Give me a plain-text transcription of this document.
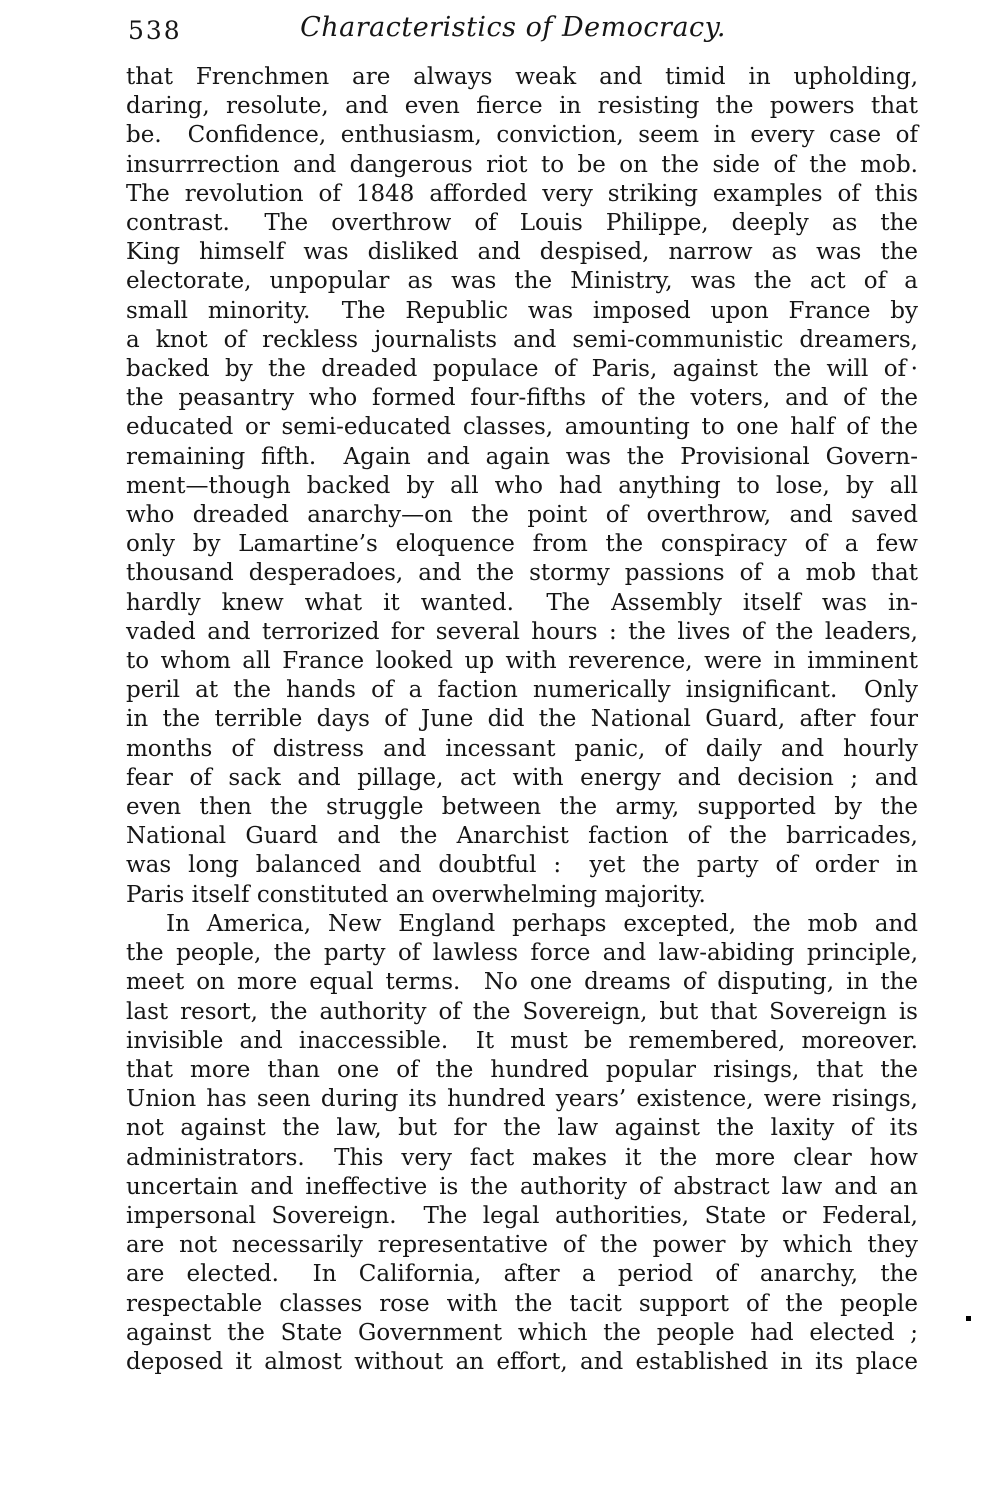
538	Characteristics of Democracy.
that Frenchmen are always weak and timid in upholding,
daring, resolute, and even fierce in resisting the powers that
be.  Confidence, enthusiasm, conviction, seem in every case of
insurrrection and dangerous riot to be on the side of the mob.
The revolution of 1848 afforded very striking examples of this
contrast.  The overthrow of Louis Philippe, deeply as the
King himself was disliked and despised, narrow as was the
electorate, unpopular as was the Ministry, was the act of a
small minority.  The Republic was imposed upon France by
a knot of reckless journalists and semi-communistic dreamers,
backed by the dreaded populace of Paris, against the will of ·
the peasantry who formed four-fifths of the voters, and of the
educated or semi-educated classes, amounting to one half of the
remaining fifth.  Again and again was the Provisional Govern-
ment—though backed by all who had anything to lose, by all
who dreaded anarchy—on the point of overthrow, and saved
only by Lamartine’s eloquence from the conspiracy of a few
thousand desperadoes, and the stormy passions of a mob that
hardly knew what it wanted.  The Assembly itself was in-
vaded and terrorized for several hours : the lives of the leaders,
to whom all France looked up with reverence, were in imminent
peril at the hands of a faction numerically insignificant.  Only
in the terrible days of June did the National Guard, after four
months of distress and incessant panic, of daily and hourly
fear of sack and pillage, act with energy and decision ; and
even then the struggle between the army, supported by the
National Guard and the Anarchist faction of the barricades,
was long balanced and doubtful :  yet the party of order in
Paris itself constituted an overwhelming majority.
In America, New England perhaps excepted, the mob and
the people, the party of lawless force and law-abiding principle,
meet on more equal terms.  No one dreams of disputing, in the
last resort, the authority of the Sovereign, but that Sovereign is
invisible and inaccessible.  It must be remembered, moreover.
that more than one of the hundred popular risings, that the
Union has seen during its hundred years’ existence, were risings,
not against the law, but for the law against the laxity of its
administrators.  This very fact makes it the more clear how
uncertain and ineffective is the authority of abstract law and an
impersonal Sovereign.  The legal authorities, State or Federal,
are not necessarily representative of the power by which they
are elected.  In California, after a period of anarchy, the
respectable classes rose with the tacit support of the people
against the State Government which the people had elected ;
deposed it almost without an effort, and established in its place
